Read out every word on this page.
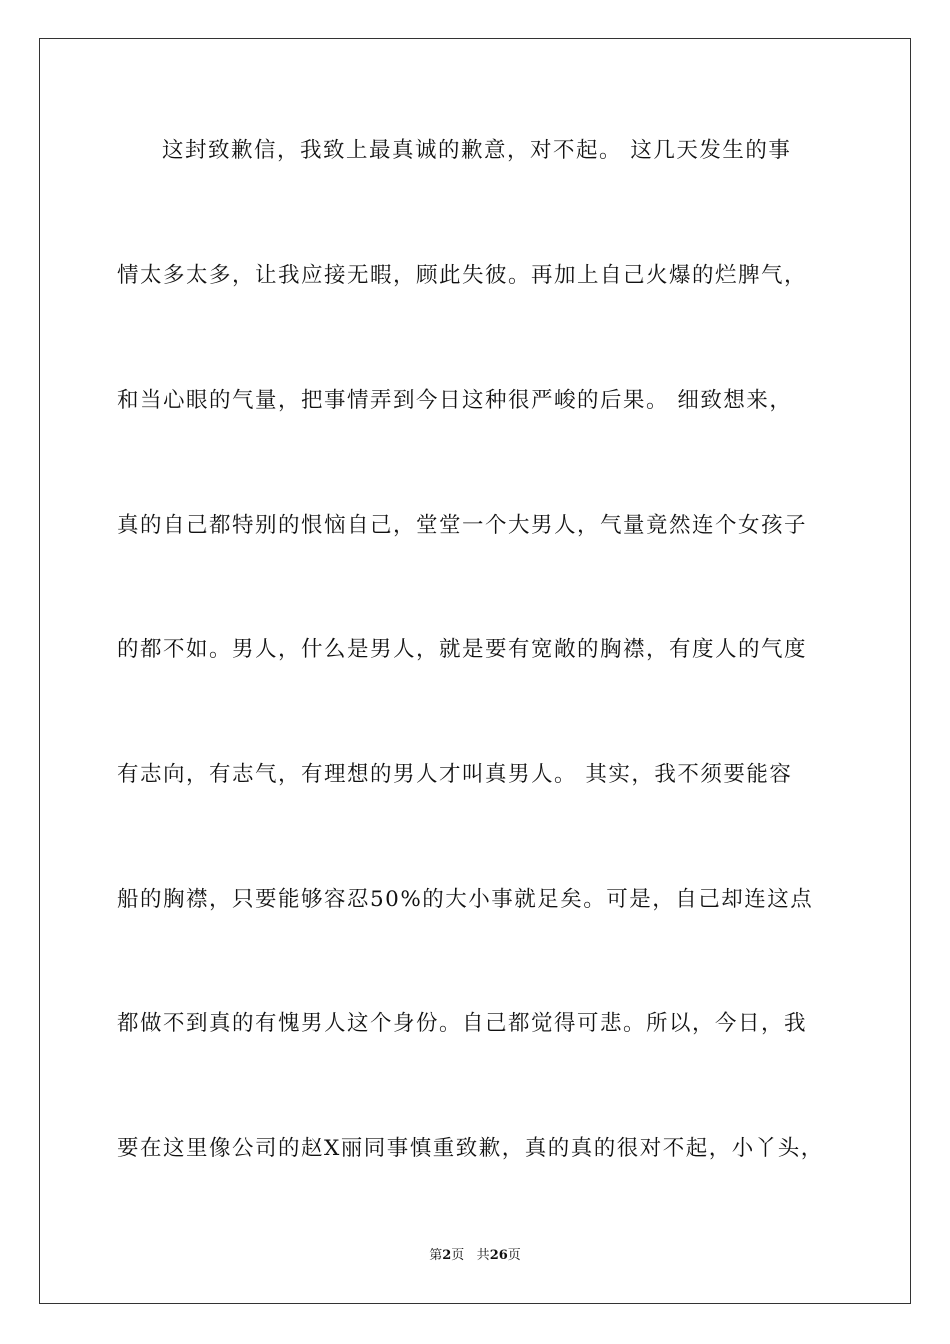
这封致歉信，我致上最真诚的歉意，对不起。 这几天发生的事
情太多太多，让我应接无暇，顾此失彼。再加上自己火爆的烂脾气，
和当心眼的气量，把事情弄到今日这种很严峻的后果。 细致想来，
真的自己都特别的恨恼自己，堂堂一个大男人，气量竟然连个女孩子
的都不如。男人，什么是男人，就是要有宽敞的胸襟，有度人的气度
有志向，有志气，有理想的男人才叫真男人。 其实，我不须要能容
船的胸襟，只要能够容忍50%的大小事就足矣。可是，自己却连这点
都做不到真的有愧男人这个身份。自己都觉得可悲。所以，今日，我
要在这里像公司的赵X丽同事慎重致歉，真的真的很对不起，小丫头，
第2页 共26页
